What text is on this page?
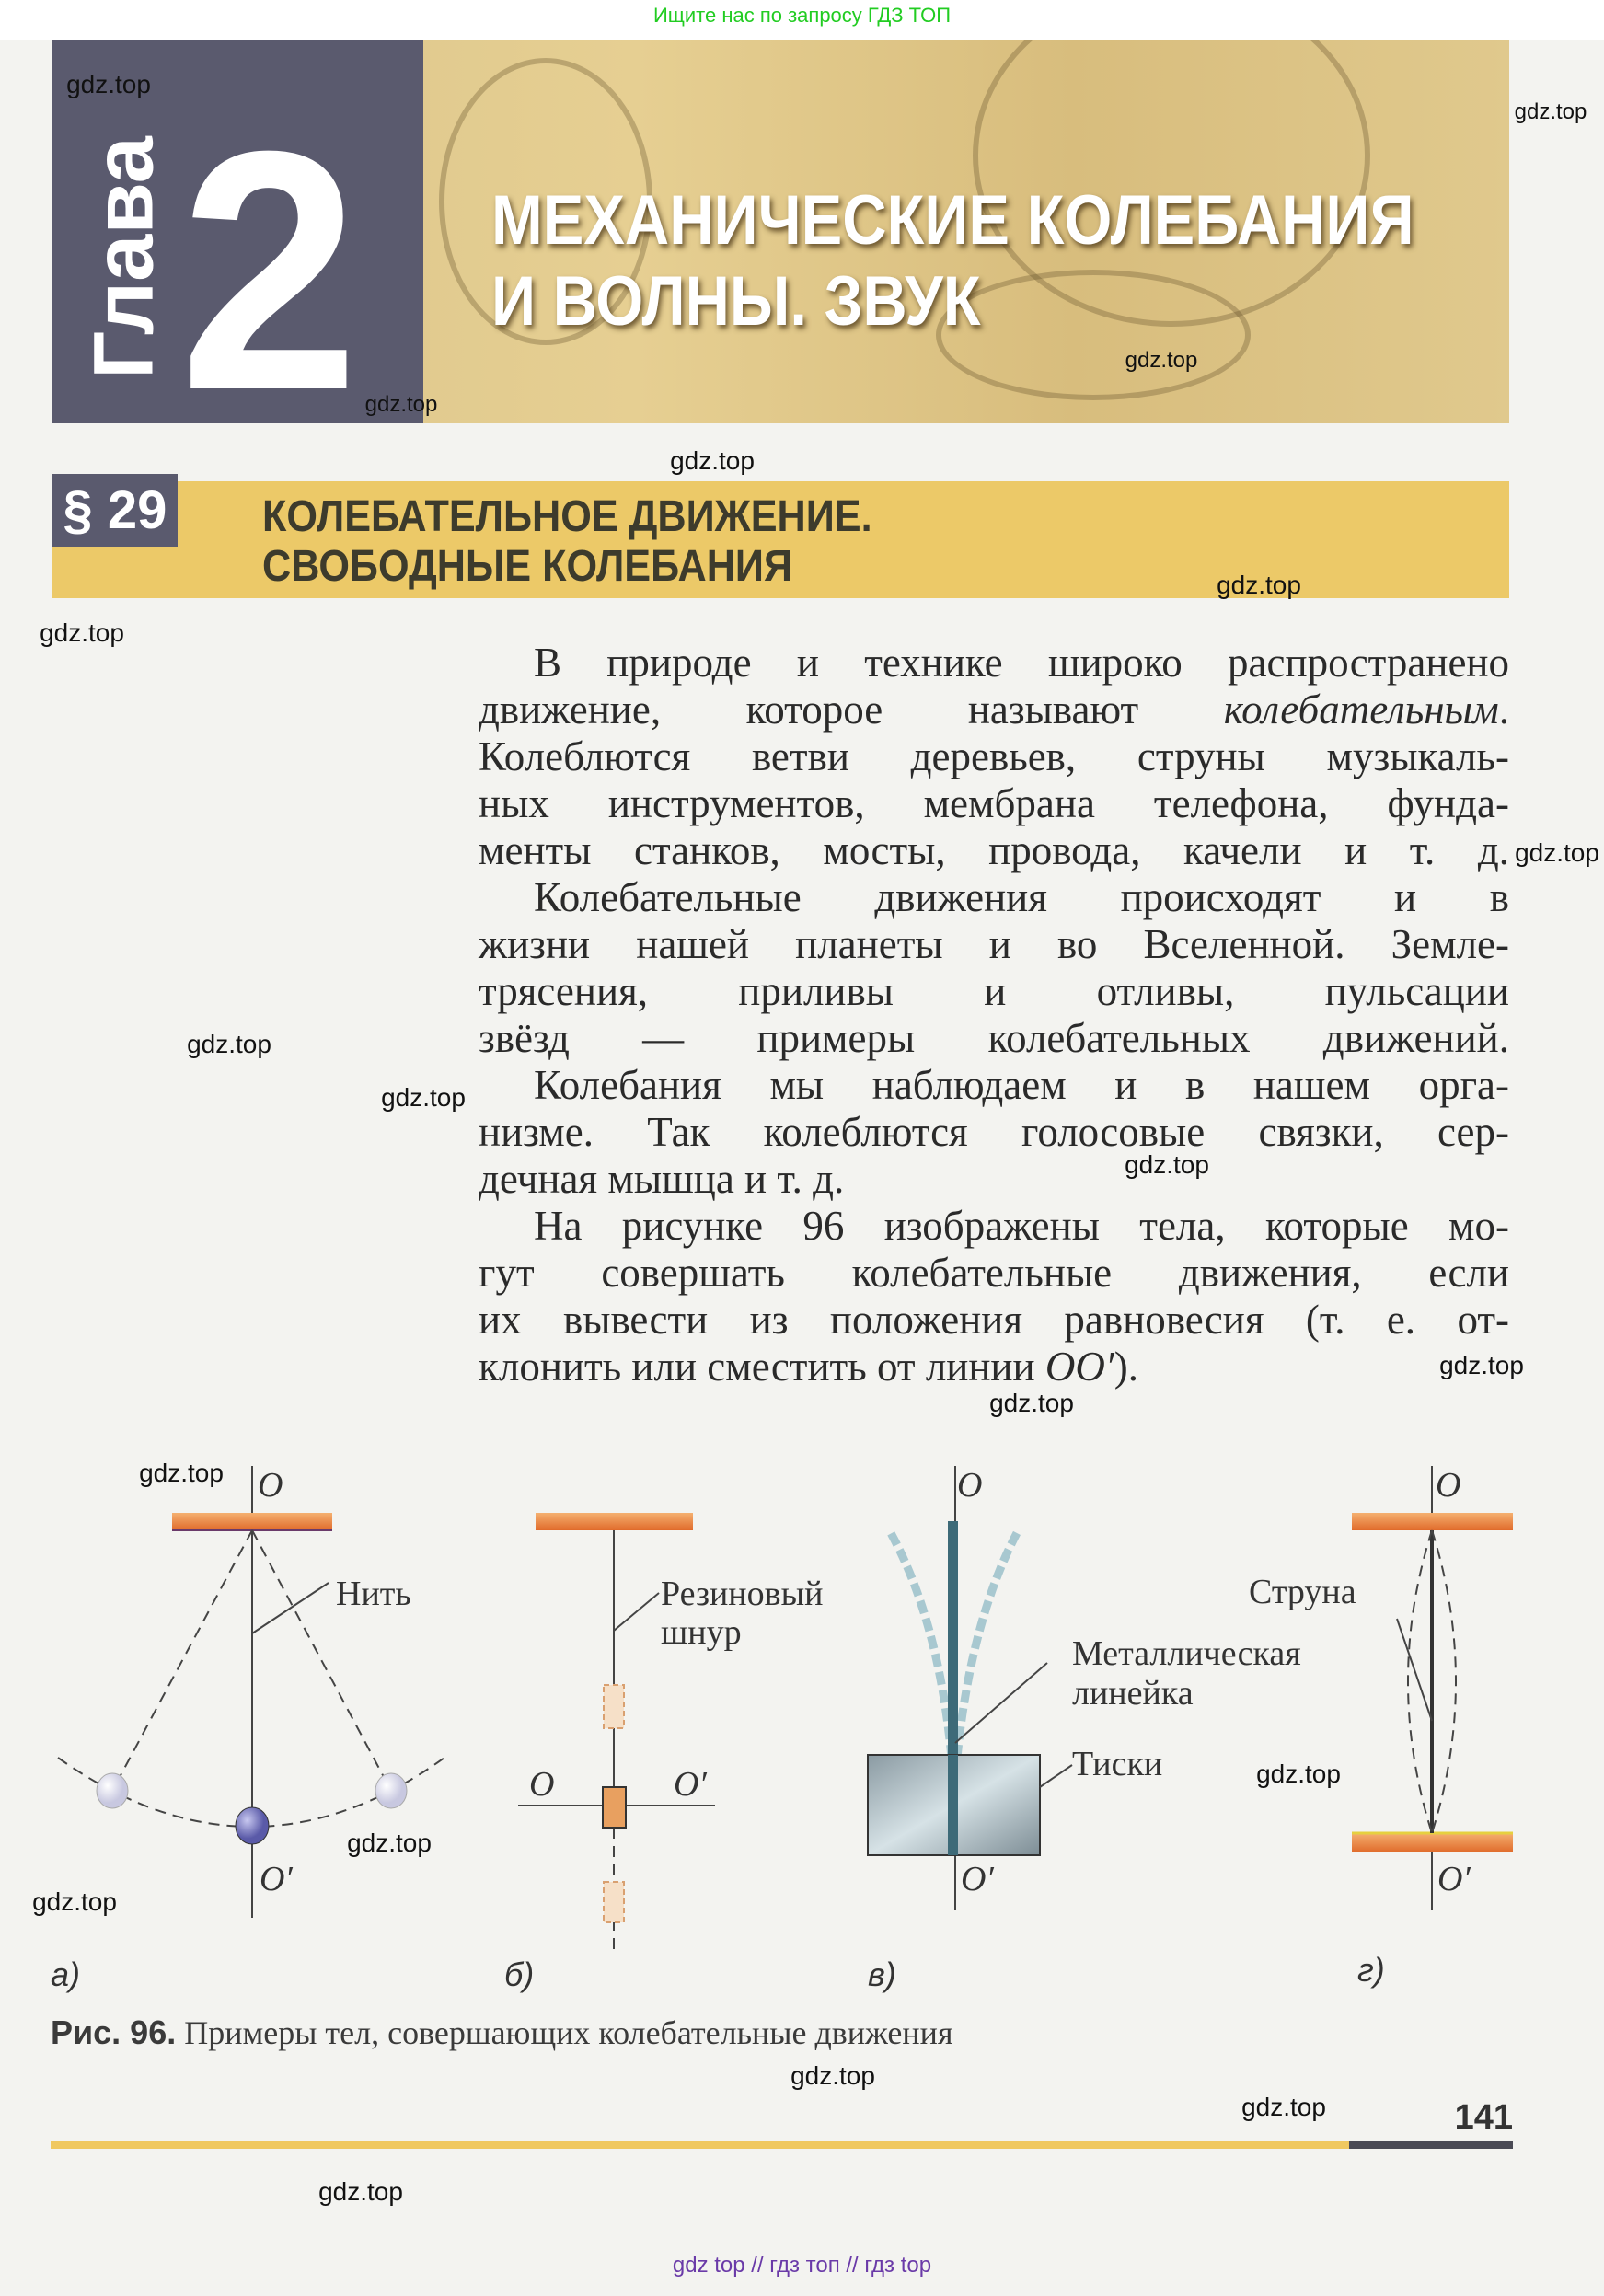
Ищите нас по запросу ГДЗ ТОП
Глава 2 МЕХАНИЧЕСКИЕ КОЛЕБАНИЯ
И ВОЛНЫ. ЗВУК
§ 29 КОЛЕБАТЕЛЬНОЕ ДВИЖЕНИЕ.
СВОБОДНЫЕ КОЛЕБАНИЯ
В природе и технике широко распространено
движение, которое называют колебательным.
Колеблются ветви деревьев, струны музыкаль-
ных инструментов, мембрана телефона, фунда-
менты станков, мосты, провода, качели и т. д.
Колебательные движения происходят и в
жизни нашей планеты и во Вселенной. Земле-
трясения, приливы и отливы, пульсации
звёзд — примеры колебательных движений.
Колебания мы наблюдаем и в нашем орга-
низме. Так колеблются голосовые связки, сер-
дечная мышца и т. д.
На рисунке 96 изображены тела, которые мо-
гут совершать колебательные движения, если
их вывести из положения равновесия (т. е. от-
клонить или сместить от линии OO′).
O
O′
Нить
а)
O	O′
Резиновый
шнур
б)
O
O′
Металлическая
линейка
Тиски
в)
O
O′
Струна
г)
Рис. 96. Примеры тел, совершающих колебательные движения
141
gdz.top
gdz.top
gdz.top
gdz.top
gdz.top
gdz.top
gdz.top
gdz.top
gdz.top
gdz.top
gdz.top
gdz.top
gdz.top
gdz.top
gdz.top
gdz.top
gdz.top
gdz.top
gdz.top
gdz.top
gdz top // гдз топ // гдз top
